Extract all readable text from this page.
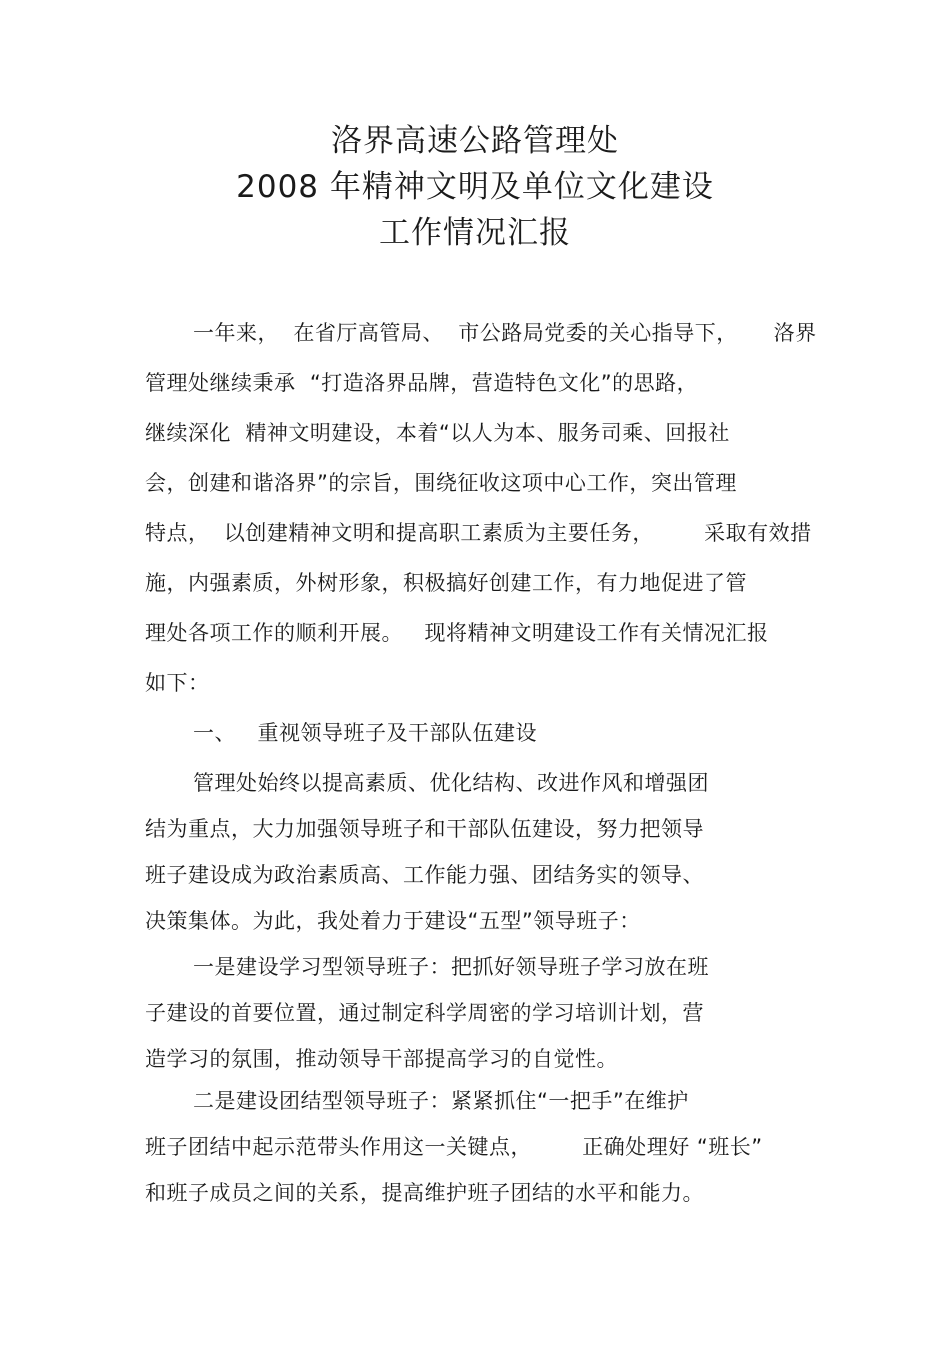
洛界高速公路管理处
2008 年精神文明及单位文化建设
工作情况汇报
一年来，  在省厅高管局、  市公路局党委的关心指导下，     洛界
管理处继续秉承  “打造洛界品牌，营造特色文化”的思路，
继续深化  精神文明建设，本着“以人为本、服务司乘、回报社
会，创建和谐洛界”的宗旨，围绕征收这项中心工作，突出管理
特点，  以创建精神文明和提高职工素质为主要任务，       采取有效措
施，内强素质，外树形象，积极搞好创建工作，有力地促进了管
理处各项工作的顺利开展。   现将精神文明建设工作有关情况汇报
如下：
一、   重视领导班子及干部队伍建设
管理处始终以提高素质、优化结构、改进作风和增强团
结为重点，大力加强领导班子和干部队伍建设，努力把领导
班子建设成为政治素质高、工作能力强、团结务实的领导、
决策集体。为此，我处着力于建设“五型”领导班子：
一是建设学习型领导班子：把抓好领导班子学习放在班
子建设的首要位置，通过制定科学周密的学习培训计划，营
造学习的氛围，推动领导干部提高学习的自觉性。
二是建设团结型领导班子：紧紧抓住“一把手”在维护
班子团结中起示范带头作用这一关键点，       正确处理好 “班长”
和班子成员之间的关系，提高维护班子团结的水平和能力。
